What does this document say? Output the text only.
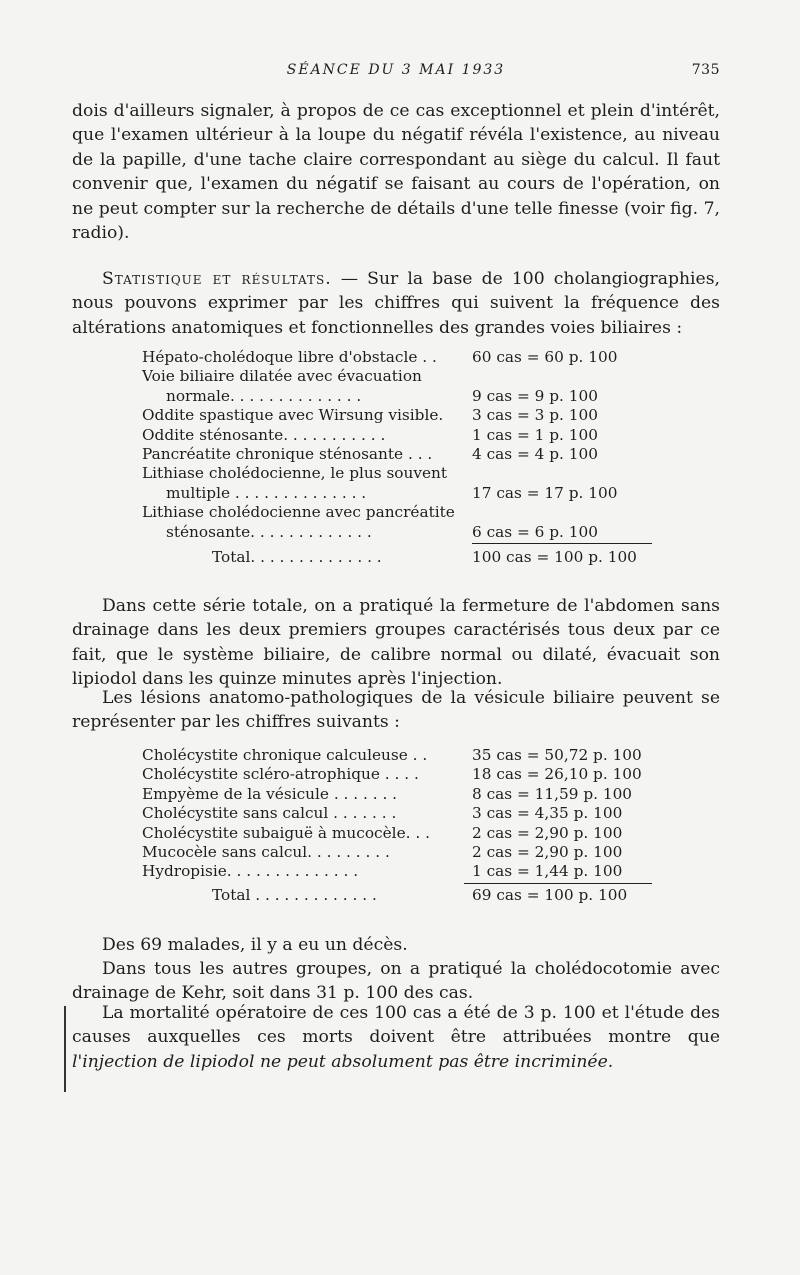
SÉANCE DU 3 MAI 1933	735

dois d'ailleurs signaler, à propos de ce cas exceptionnel et plein d'intérêt, que l'examen ultérieur à la loupe du négatif révéla l'existence, au niveau de la papille, d'une tache claire correspondant au siège du calcul. Il faut convenir que, l'examen du négatif se faisant au cours de l'opération, on ne peut compter sur la recherche de détails d'une telle finesse (voir fig. 7, radio).

Statistique et résultats. — Sur la base de 100 cholangiographies, nous pouvons exprimer par les chiffres qui suivent la fréquence des altérations anatomiques et fonctionnelles des grandes voies biliaires :

Hépato-cholédoque libre d'obstacle . . 60 cas = 60 p. 100
Voie biliaire dilatée avec évacuation
normale. . . . . . . . . . . . . .	9 cas = 9 p. 100
Oddite spastique avec Wirsung visible. 3 cas = 3 p. 100
Oddite sténosante. . . . . . . . . . .	1 cas = 1 p. 100
Pancréatite chronique sténosante . . .	4 cas = 4 p. 100
Lithiase cholédocienne, le plus souvent
multiple . . . . . . . . . . . . . .	17 cas = 17 p. 100
Lithiase cholédocienne avec pancréatite
sténosante. . . . . . . . . . . . .	6 cas = 6 p. 100
Total. . . . . . . . . . . . . .	100 cas = 100 p. 100

Dans cette série totale, on a pratiqué la fermeture de l'abdomen sans drainage dans les deux premiers groupes caractérisés tous deux par ce fait, que le système biliaire, de calibre normal ou dilaté, évacuait son lipiodol dans les quinze minutes après l'injection.

Les lésions anatomo-pathologiques de la vésicule biliaire peuvent se représenter par les chiffres suivants :

Cholécystite chronique calculeuse . .	35 cas = 50,72 p. 100
Cholécystite scléro-atrophique . . . .	18 cas = 26,10 p. 100
Empyème de la vésicule . . . . . . .	8 cas = 11,59 p. 100
Cholécystite sans calcul . . . . . . .	3 cas = 4,35 p. 100
Cholécystite subaiguë à mucocèle. . .	2 cas = 2,90 p. 100
Mucocèle sans calcul. . . . . . . . .	2 cas = 2,90 p. 100
Hydropisie. . . . . . . . . . . . . .	1 cas = 1,44 p. 100
Total . . . . . . . . . . . . .	69 cas = 100 p. 100

Des 69 malades, il y a eu un décès.

Dans tous les autres groupes, on a pratiqué la cholédocotomie avec drainage de Kehr, soit dans 31 p. 100 des cas.

La mortalité opératoire de ces 100 cas a été de 3 p. 100 et l'étude des causes auxquelles ces morts doivent être attribuées montre que l'injection de lipiodol ne peut absolument pas être incriminée.
